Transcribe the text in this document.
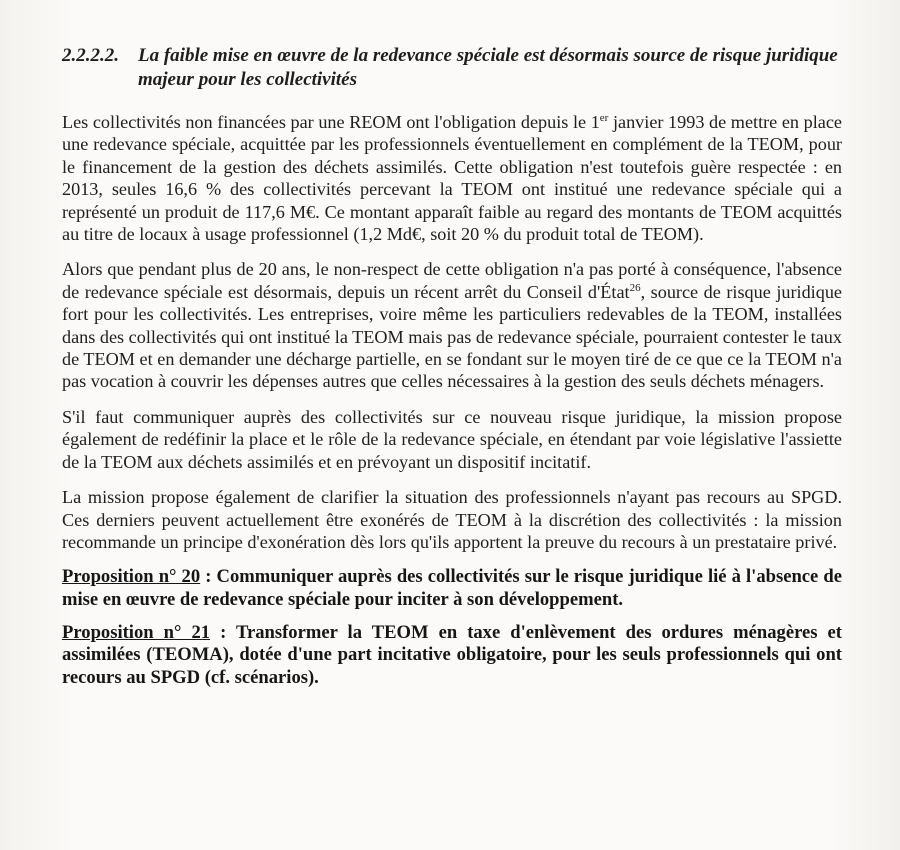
2.2.2.2.	La faible mise en œuvre de la redevance spéciale est désormais source de risque juridique majeur pour les collectivités

Les collectivités non financées par une REOM ont l'obligation depuis le 1er janvier 1993 de mettre en place une redevance spéciale, acquittée par les professionnels éventuellement en complément de la TEOM, pour le financement de la gestion des déchets assimilés. Cette obligation n'est toutefois guère respectée : en 2013, seules 16,6 % des collectivités percevant la TEOM ont institué une redevance spéciale qui a représenté un produit de 117,6 M€. Ce montant apparaît faible au regard des montants de TEOM acquittés au titre de locaux à usage professionnel (1,2 Md€, soit 20 % du produit total de TEOM).

Alors que pendant plus de 20 ans, le non-respect de cette obligation n'a pas porté à conséquence, l'absence de redevance spéciale est désormais, depuis un récent arrêt du Conseil d'État$^{26}$, source de risque juridique fort pour les collectivités. Les entreprises, voire même les particuliers redevables de la TEOM, installées dans des collectivités qui ont institué la TEOM mais pas de redevance spéciale, pourraient contester le taux de TEOM et en demander une décharge partielle, en se fondant sur le moyen tiré de ce que ce la TEOM n'a pas vocation à couvrir les dépenses autres que celles nécessaires à la gestion des seuls déchets ménagers.

S'il faut communiquer auprès des collectivités sur ce nouveau risque juridique, la mission propose également de redéfinir la place et le rôle de la redevance spéciale, en étendant par voie législative l'assiette de la TEOM aux déchets assimilés et en prévoyant un dispositif incitatif.

La mission propose également de clarifier la situation des professionnels n'ayant pas recours au SPGD. Ces derniers peuvent actuellement être exonérés de TEOM à la discrétion des collectivités : la mission recommande un principe d'exonération dès lors qu'ils apportent la preuve du recours à un prestataire privé.

Proposition n° 20 : Communiquer auprès des collectivités sur le risque juridique lié à l'absence de mise en œuvre de redevance spéciale pour inciter à son développement.

Proposition n° 21 : Transformer la TEOM en taxe d'enlèvement des ordures ménagères et assimilées (TEOMA), dotée d'une part incitative obligatoire, pour les seuls professionnels qui ont recours au SPGD (cf. scénarios).
